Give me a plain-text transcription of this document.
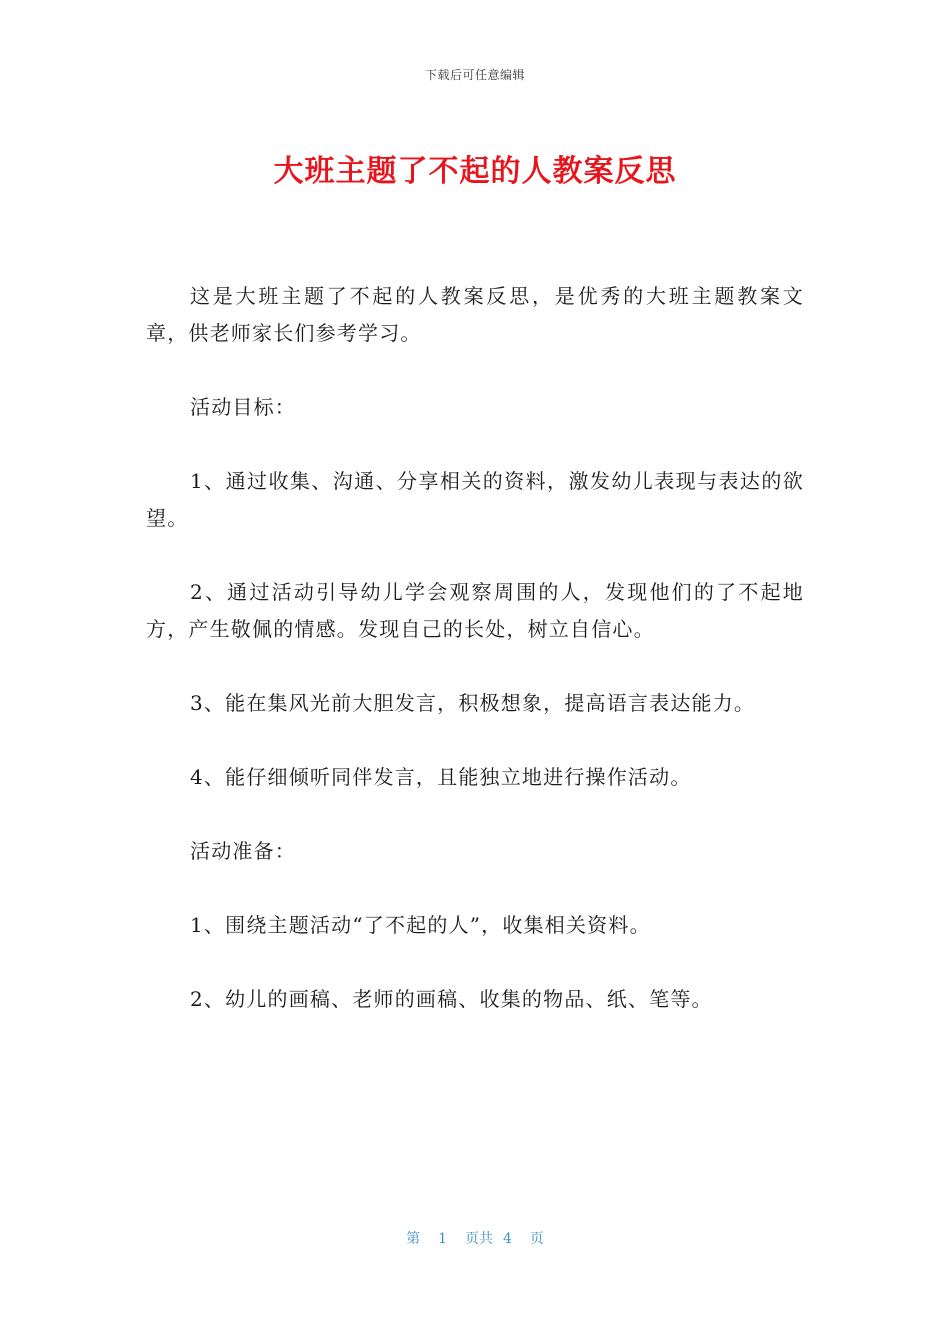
下载后可任意编辑
大班主题了不起的人教案反思

这是大班主题了不起的人教案反思，是优秀的大班主题教案文章，供老师家长们参考学习。

活动目标：

1、通过收集、沟通、分享相关的资料，激发幼儿表现与表达的欲望。

2、通过活动引导幼儿学会观察周围的人，发现他们的了不起地方，产生敬佩的情感。发现自己的长处，树立自信心。

3、能在集风光前大胆发言，积极想象，提高语言表达能力。

4、能仔细倾听同伴发言，且能独立地进行操作活动。

活动准备：

1、围绕主题活动“了不起的人”，收集相关资料。

2、幼儿的画稿、老师的画稿、收集的物品、纸、笔等。

第 1 页共 4 页
